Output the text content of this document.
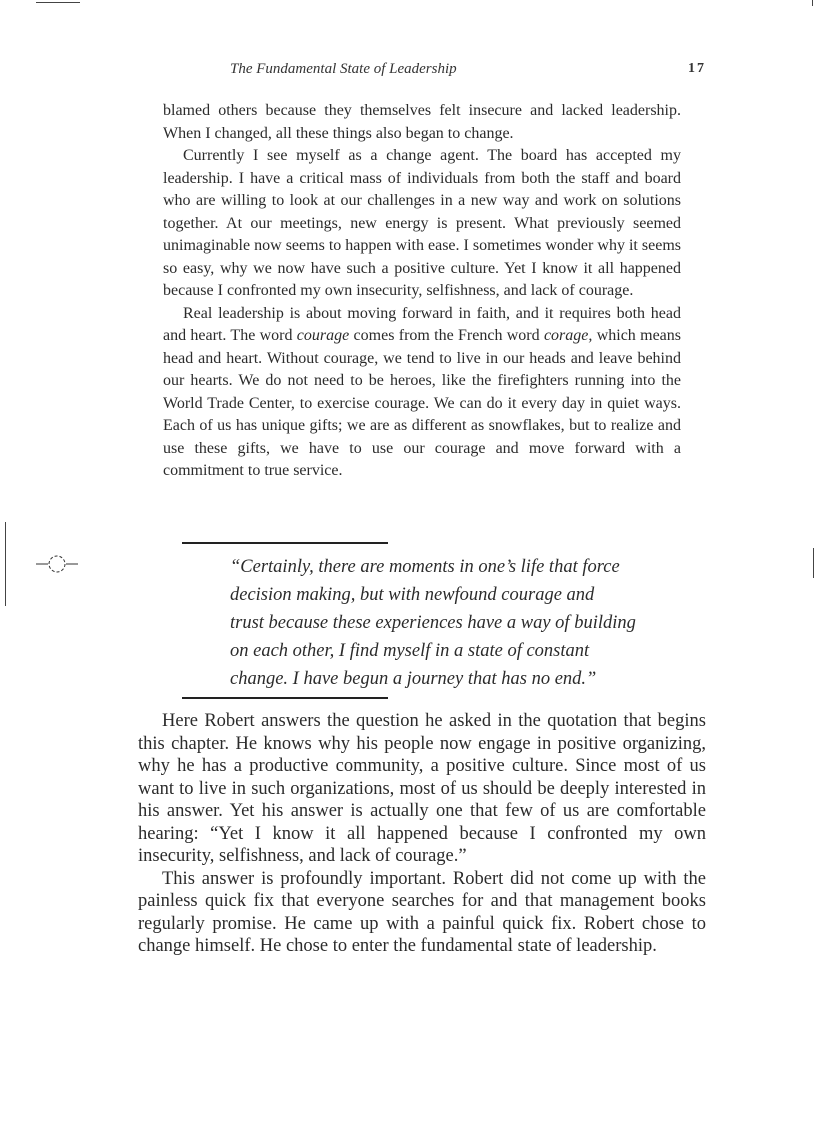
The Fundamental State of Leadership	17

blamed others because they themselves felt insecure and lacked leadership. When I changed, all these things also began to change.

Currently I see myself as a change agent. The board has accepted my leadership. I have a critical mass of individuals from both the staff and board who are willing to look at our challenges in a new way and work on solutions together. At our meetings, new energy is present. What previously seemed unimaginable now seems to happen with ease. I sometimes wonder why it seems so easy, why we now have such a positive culture. Yet I know it all happened because I confronted my own insecurity, selfishness, and lack of courage.

Real leadership is about moving forward in faith, and it requires both head and heart. The word courage comes from the French word corage, which means head and heart. Without courage, we tend to live in our heads and leave behind our hearts. We do not need to be heroes, like the firefighters running into the World Trade Center, to exercise courage. We can do it every day in quiet ways. Each of us has unique gifts; we are as different as snowflakes, but to realize and use these gifts, we have to use our courage and move forward with a commitment to true service.

“Certainly, there are moments in one’s life that force
decision making, but with newfound courage and
trust because these experiences have a way of building
on each other, I find myself in a state of constant
change. I have begun a journey that has no end.”

Here Robert answers the question he asked in the quotation that begins this chapter. He knows why his people now engage in positive organizing, why he has a productive community, a positive culture. Since most of us want to live in such organizations, most of us should be deeply interested in his answer. Yet his answer is actually one that few of us are comfortable hearing: “Yet I know it all happened because I confronted my own insecurity, selfishness, and lack of courage.”

This answer is profoundly important. Robert did not come up with the painless quick fix that everyone searches for and that management books regularly promise. He came up with a painful quick fix. Robert chose to change himself. He chose to enter the fundamental state of leadership.
